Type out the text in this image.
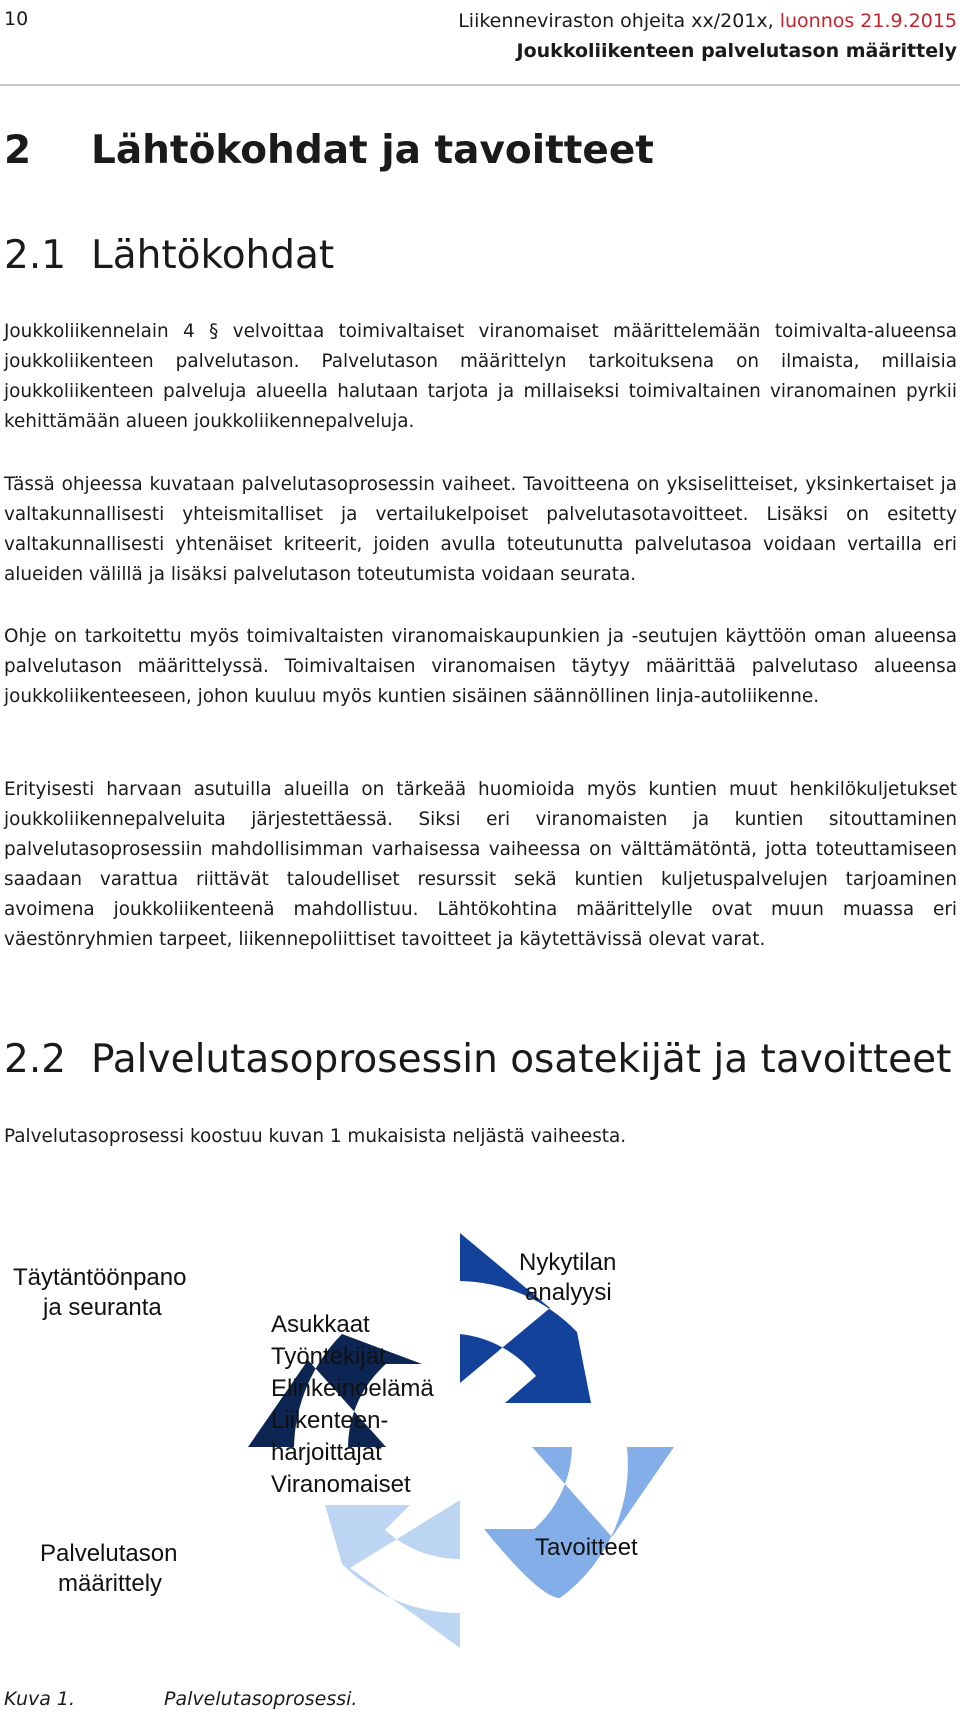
10	Liikenneviraston ohjeita xx/201x, luonnos 21.9.2015
Joukkoliikenteen palvelutason määrittely
2 Lähtökohdat ja tavoitteet
2.1 Lähtökohdat

Joukkoliikennelain 4 § velvoittaa toimivaltaiset viranomaiset määrittelemään toimivalta-alueensa joukkoliikenteen palvelutason. Palvelutason määrittelyn tarkoituksena on ilmaista, millaisia joukkoliikenteen palveluja alueella halutaan tarjota ja millaiseksi toimivaltainen viranomainen pyrkii kehittämään alueen joukkoliikennepalveluja.

Tässä ohjeessa kuvataan palvelutasoprosessin vaiheet. Tavoitteena on yksiselitteiset, yksinkertaiset ja valtakunnallisesti yhteismitalliset ja vertailukelpoiset palvelutasotavoitteet. Lisäksi on esitetty valtakunnallisesti yhtenäiset kriteerit, joiden avulla toteutunutta palvelutasoa voidaan vertailla eri alueiden välillä ja lisäksi palvelutason toteutumista voidaan seurata.

Ohje on tarkoitettu myös toimivaltaisten viranomaiskaupunkien ja -seutujen käyttöön oman alueensa palvelutason määrittelyssä. Toimivaltaisen viranomaisen täytyy määrittää palvelutaso alueensa joukkoliikenteeseen, johon kuuluu myös kuntien sisäinen säännöllinen linja-autoliikenne.

Erityisesti harvaan asutuilla alueilla on tärkeää huomioida myös kuntien muut henkilökuljetukset joukkoliikennepalveluita järjestettäessä. Siksi eri viranomaisten ja kuntien sitouttaminen palvelutasoprosessiin mahdollisimman varhaisessa vaiheessa on välttämätöntä, jotta toteuttamiseen saadaan varattua riittävät taloudelliset resurssit sekä kuntien kuljetuspalvelujen tarjoaminen avoimena joukkoliikenteenä mahdollistuu. Lähtökohtina määrittelylle ovat muun muassa eri väestönryhmien tarpeet, liikennepoliittiset tavoitteet ja käytettävissä olevat varat.

2.2 Palvelutasoprosessin osatekijät ja tavoitteet

Palvelutasoprosessi koostuu kuvan 1 mukaisista neljästä vaiheesta.

Nykytilan
analyysi
Tavoitteet
Palvelutason
määrittely
Täytäntöönpano
ja seuranta
Asukkaat
Työntekijät
Elinkeinoelämä
Liikenteen-
harjoittajat
Viranomaiset
Kuva 1.	Palvelutasoprosessi.
